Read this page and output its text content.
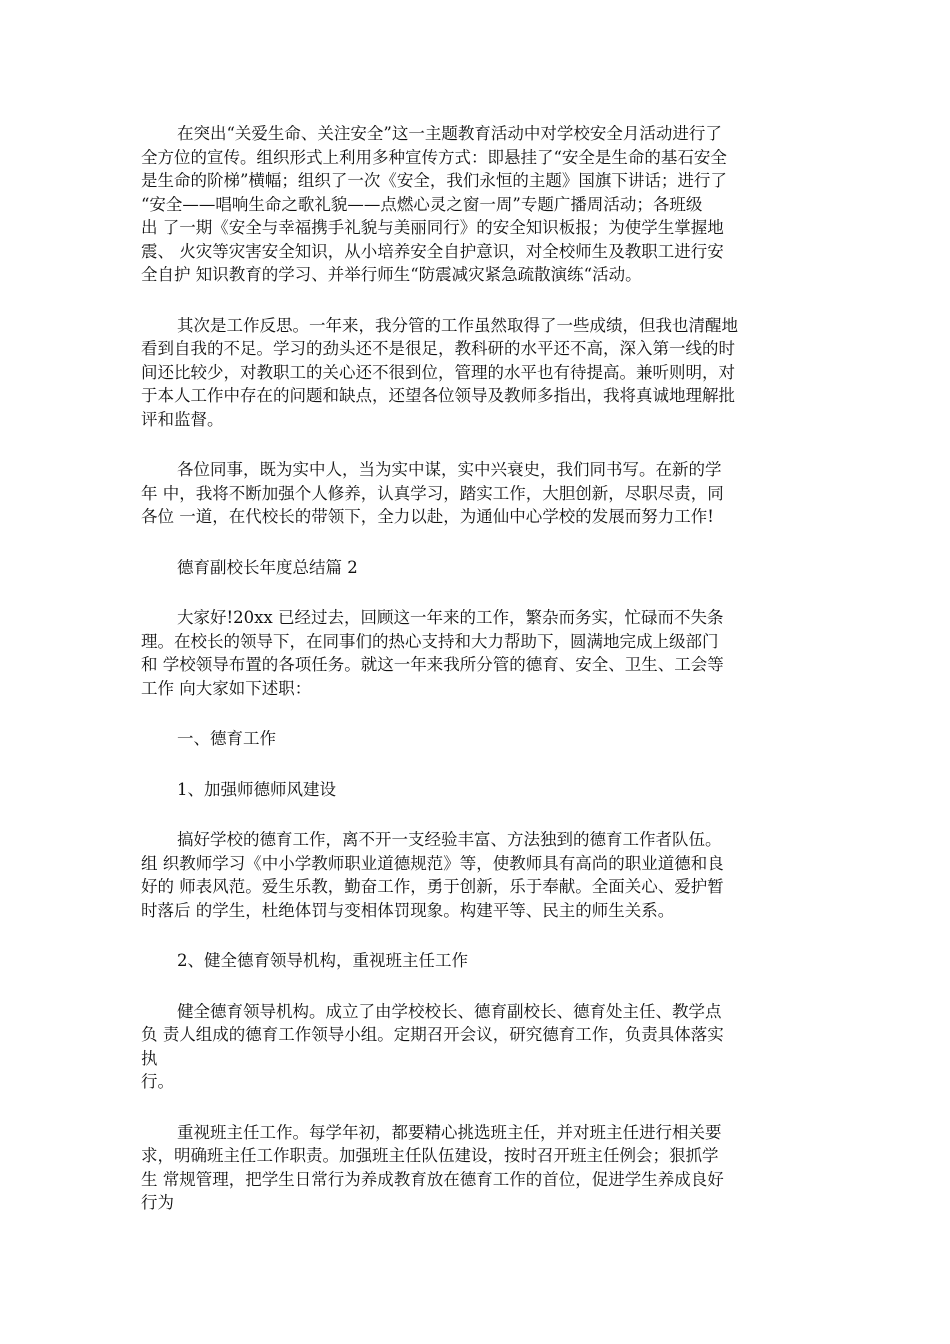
在突出“关爱生命、关注安全”这一主题教育活动中对学校安全月活动进行了
全方位的宣传。组织形式上利用多种宣传方式：即悬挂了“安全是生命的基石安全
是生命的阶梯”横幅；组织了一次《安全，我们永恒的主题》国旗下讲话；进行了
“安全——唱响生命之歌礼貌——点燃心灵之窗一周”专题广播周活动；各班级
出 了一期《安全与幸福携手礼貌与美丽同行》的安全知识板报；为使学生掌握地
震、 火灾等灾害安全知识，从小培养安全自护意识，对全校师生及教职工进行安
全自护 知识教育的学习、并举行师生“防震减灾紧急疏散演练“活动。
其次是工作反思。一年来，我分管的工作虽然取得了一些成绩，但我也清醒地
看到自我的不足。学习的劲头还不是很足，教科研的水平还不高，深入第一线的时
间还比较少，对教职工的关心还不很到位，管理的水平也有待提高。兼听则明，对
于本人工作中存在的问题和缺点，还望各位领导及教师多指出，我将真诚地理解批
评和监督。
各位同事，既为实中人，当为实中谋，实中兴衰史，我们同书写。在新的学
年 中，我将不断加强个人修养，认真学习，踏实工作，大胆创新，尽职尽责，同
各位 一道，在代校长的带领下，全力以赴，为通仙中心学校的发展而努力工作!
德育副校长年度总结篇 2
大家好!20xx 已经过去，回顾这一年来的工作，繁杂而务实，忙碌而不失条
理。在校长的领导下，在同事们的热心支持和大力帮助下，圆满地完成上级部门
和 学校领导布置的各项任务。就这一年来我所分管的德育、安全、卫生、工会等
工作 向大家如下述职：
一、德育工作
1、加强师德师风建设
搞好学校的德育工作，离不开一支经验丰富、方法独到的德育工作者队伍。
组 织教师学习《中小学教师职业道德规范》等，使教师具有高尚的职业道德和良
好的 师表风范。爱生乐教，勤奋工作，勇于创新，乐于奉献。全面关心、爱护暂
时落后 的学生，杜绝体罚与变相体罚现象。构建平等、民主的师生关系。
2、健全德育领导机构，重视班主任工作
健全德育领导机构。成立了由学校校长、德育副校长、德育处主任、教学点
负 责人组成的德育工作领导小组。定期召开会议，研究德育工作，负责具体落实
执
行。
重视班主任工作。每学年初，都要精心挑选班主任，并对班主任进行相关要
求，明确班主任工作职责。加强班主任队伍建设，按时召开班主任例会；狠抓学
生 常规管理，把学生日常行为养成教育放在德育工作的首位，促进学生养成良好
行为
